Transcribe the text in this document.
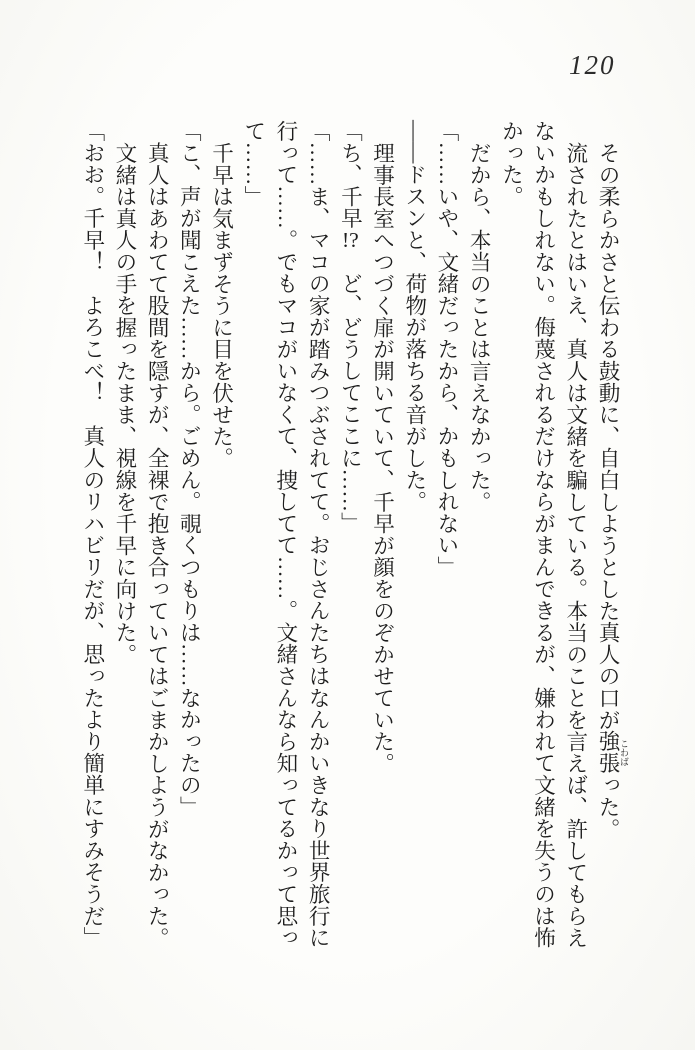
120

その柔らかさと伝わる鼓動に、自白しようとした真人の口が強張 こわばった。

流されたとはいえ、真人は文緒を騙している。本当のことを言えば、許してもらえないかもしれない。侮蔑されるだけならがまんできるが、嫌われて文緒を失うのは怖かった。

だから、本当のことは言えなかった。

「……いや、文緒だったから、かもしれない」

――ドスンと、荷物が落ちる音がした。

理事長室へつづく扉が開いていて、千早が顔をのぞかせていた。

「ち、千早!?　ど、どうしてここに……」

「……ま、マコの家が踏みつぶされてて。おじさんたちはなんかいきなり世界旅行に行って……。でもマコがいなくて、捜してて……。文緒さんなら知ってるかって思って……」

千早は気まずそうに目を伏せた。

「こ、声が聞こえた……から。ごめん。覗くつもりは……なかったの」

真人はあわてて股間を隠すが、全裸で抱き合っていてはごまかしようがなかった。

文緒は真人の手を握ったまま、視線を千早に向けた。

「おお。千早！　よろこべ！　真人のリハビリだが、思ったより簡単にすみそうだ」
